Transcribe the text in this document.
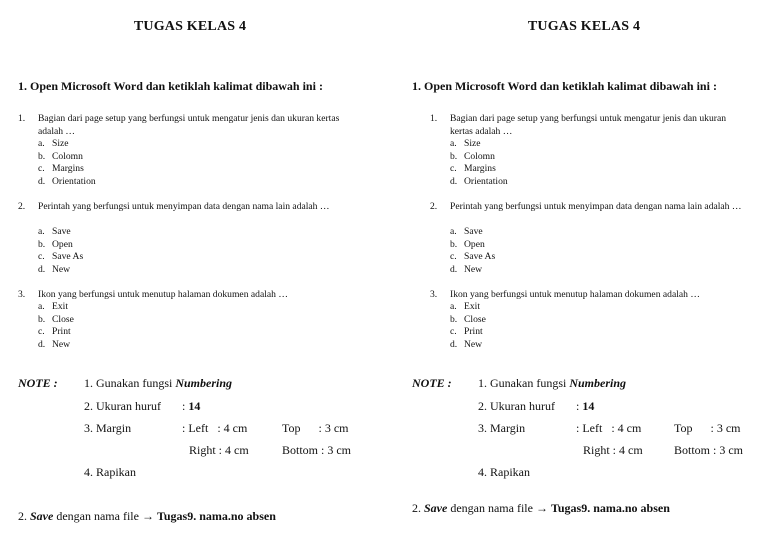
TUGAS KELAS 4
1. Open Microsoft Word dan ketiklah kalimat dibawah ini :
1. Bagian dari page setup yang berfungsi untuk mengatur jenis dan ukuran kertas adalah …
a. Size
b. Colomn
c. Margins
d. Orientation
2. Perintah yang berfungsi untuk menyimpan data dengan nama lain adalah …
a. Save
b. Open
c. Save As
d. New
3. Ikon yang berfungsi untuk menutup halaman dokumen adalah …
a. Exit
b. Close
c. Print
d. New
NOTE : 1. Gunakan fungsi Numbering
2. Ukuran huruf : 14
3. Margin	: Left   : 4 cm	Top      : 3 cm
Right : 4 cm	Bottom : 3 cm
4. Rapikan
2. Save dengan nama file → Tugas9. nama.no absen
TUGAS KELAS 4
1. Open Microsoft Word dan ketiklah kalimat dibawah ini :
1. Bagian dari page setup yang berfungsi untuk mengatur jenis dan ukuran kertas adalah …
a. Size
b. Colomn
c. Margins
d. Orientation
2. Perintah yang berfungsi untuk menyimpan data dengan nama lain adalah …
a. Save
b. Open
c. Save As
d. New
3. Ikon yang berfungsi untuk menutup halaman dokumen adalah …
a. Exit
b. Close
c. Print
d. New
NOTE : 1. Gunakan fungsi Numbering
2. Ukuran huruf : 14
3. Margin	: Left   : 4 cm	Top      : 3 cm
Right : 4 cm	Bottom : 3 cm
4. Rapikan
2. Save dengan nama file → Tugas9. nama.no absen
